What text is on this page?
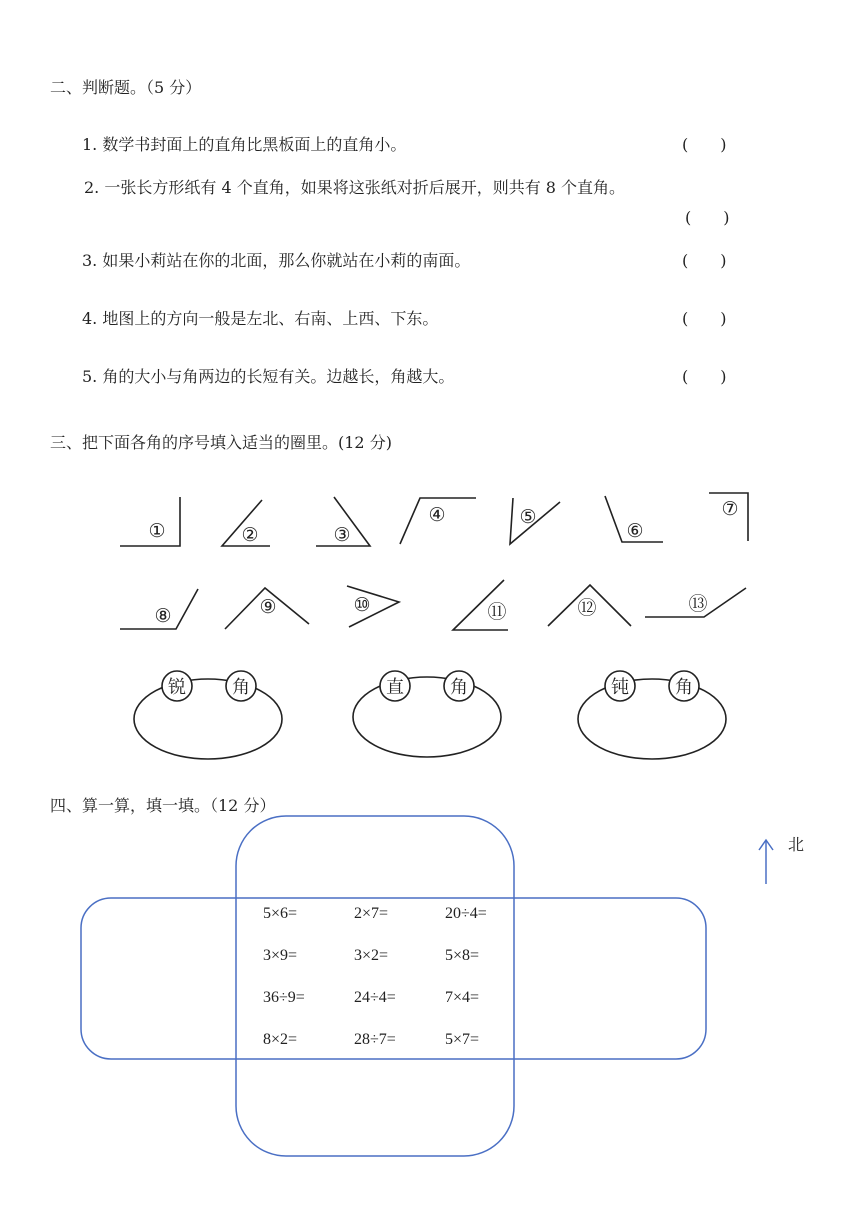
二、判断题。（5 分）
1. 数学书封面上的直角比黑板面上的直角小。	(　　)
2. 一张长方形纸有 4 个直角，如果将这张纸对折后展开，则共有 8 个直角。
(　　)
3. 如果小莉站在你的北面，那么你就站在小莉的南面。	(　　)
4. 地图上的方向一般是左北、右南、上西、下东。	(　　)
5. 角的大小与角两边的长短有关。边越长，角越大。	(　　)
三、把下面各角的序号填入适当的圈里。(12 分)
锐	角	直	角	钝	角
①	②	③
④	⑤
⑥
⑦
⑧	⑨	⑩	⑪	⑫	⑬
四、算一算，填一填。（12 分）
北
5×6=	2×7=	20÷4=
3×9=	3×2=	5×8=
36÷9=	24÷4=	7×4=
8×2=	28÷7=	5×7=
